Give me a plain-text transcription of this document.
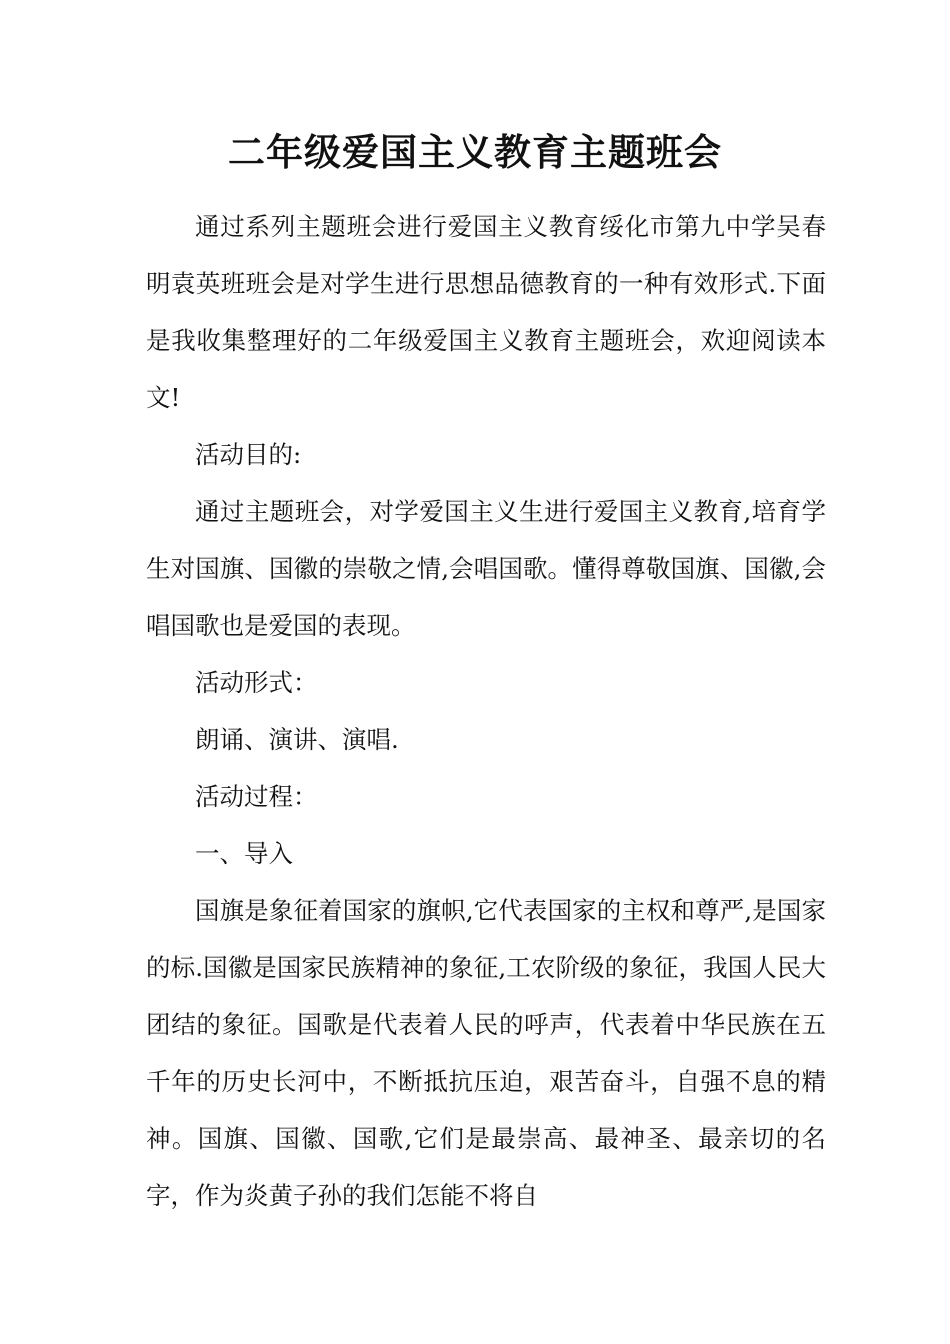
二年级爱国主义教育主题班会

通过系列主题班会进行爱国主义教育绥化市第九中学吴春明袁英班班会是对学生进行思想品德教育的一种有效形式.下面是我收集整理好的二年级爱国主义教育主题班会，欢迎阅读本文!

活动目的:

通过主题班会，对学爱国主义生进行爱国主义教育,培育学生对国旗、国徽的崇敬之情,会唱国歌。懂得尊敬国旗、国徽,会唱国歌也是爱国的表现。

活动形式：

朗诵、演讲、演唱.

活动过程：

一、导入

国旗是象征着国家的旗帜,它代表国家的主权和尊严,是国家的标.国徽是国家民族精神的象征,工农阶级的象征，我国人民大团结的象征。国歌是代表着人民的呼声，代表着中华民族在五千年的历史长河中，不断抵抗压迫，艰苦奋斗，自强不息的精神。国旗、国徽、国歌,它们是最崇高、最神圣、最亲切的名字，作为炎黄子孙的我们怎能不将自
